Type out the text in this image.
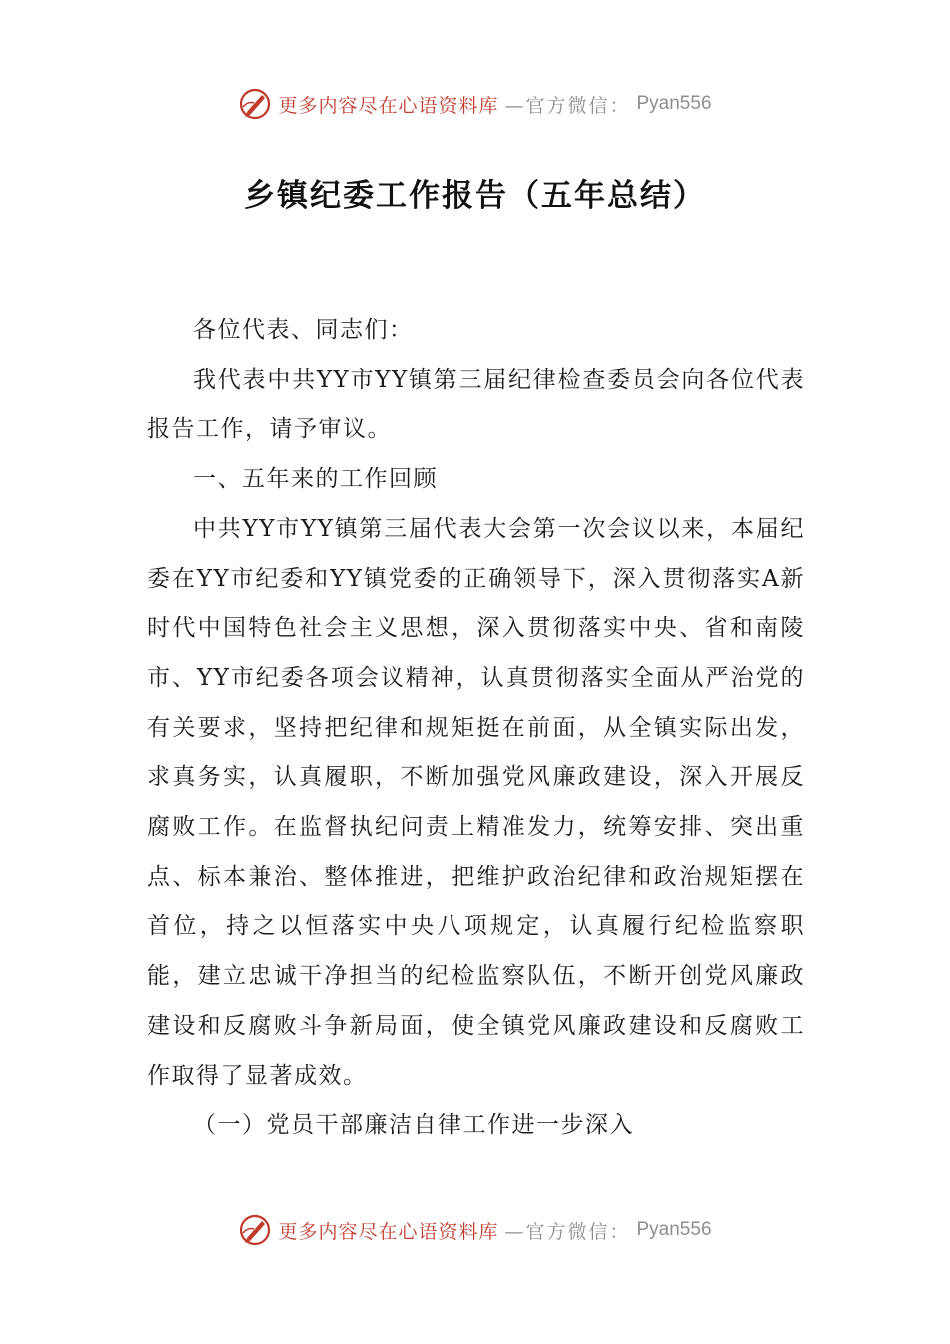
更多内容尽在心语资料库 —官方微信： Pyan556
乡镇纪委工作报告（五年总结）

各位代表、同志们：

我代表中共YY市YY镇第三届纪律检查委员会向各位代表报告工作，请予审议。

一、五年来的工作回顾

中共YY市YY镇第三届代表大会第一次会议以来，本届纪委在YY市纪委和YY镇党委的正确领导下，深入贯彻落实A新时代中国特色社会主义思想，深入贯彻落实中央、省和南陵市、YY市纪委各项会议精神，认真贯彻落实全面从严治党的有关要求，坚持把纪律和规矩挺在前面，从全镇实际出发，求真务实，认真履职，不断加强党风廉政建设，深入开展反腐败工作。在监督执纪问责上精准发力，统筹安排、突出重点、标本兼治、整体推进，把维护政治纪律和政治规矩摆在首位，持之以恒落实中央八项规定，认真履行纪检监察职能，建立忠诚干净担当的纪检监察队伍，不断开创党风廉政建设和反腐败斗争新局面，使全镇党风廉政建设和反腐败工作取得了显著成效。

（一）党员干部廉洁自律工作进一步深入

更多内容尽在心语资料库 —官方微信： Pyan556
